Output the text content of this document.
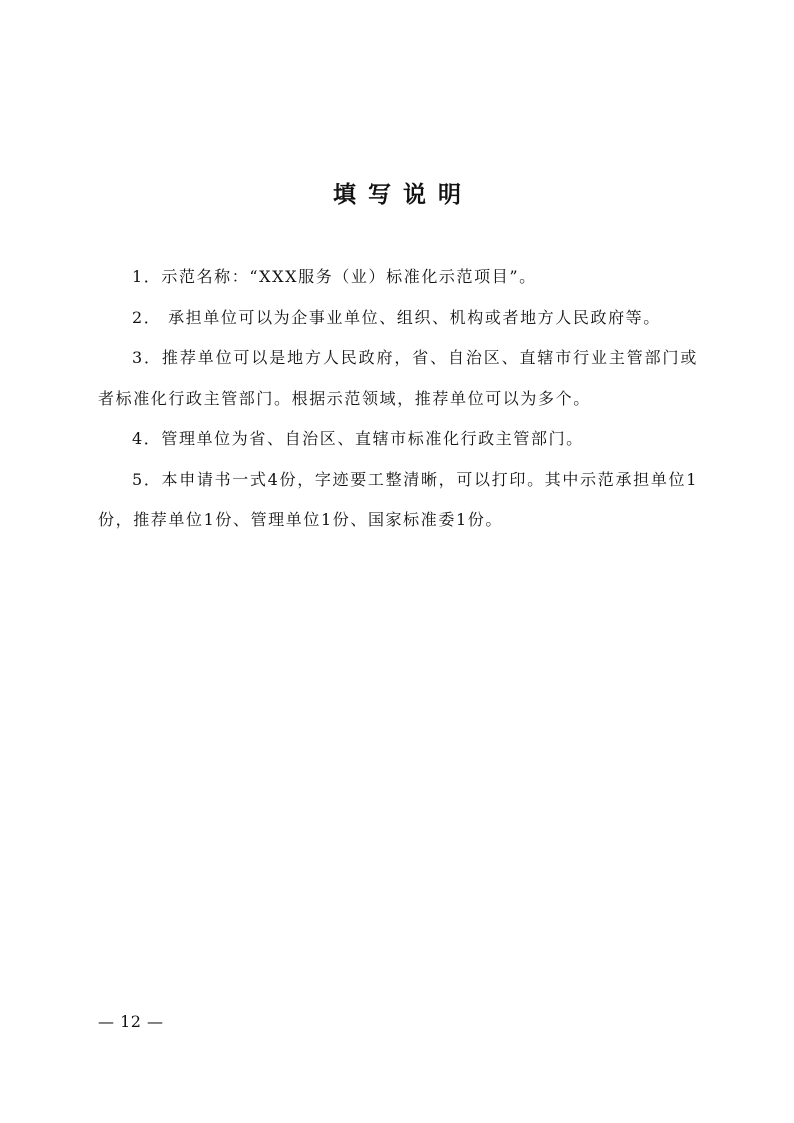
填写说明

1．示范名称：“XXX服务（业）标准化示范项目”。

2． 承担单位可以为企事业单位、组织、机构或者地方人民政府等。

3．推荐单位可以是地方人民政府，省、自治区、直辖市行业主管部门或者标准化行政主管部门。根据示范领域，推荐单位可以为多个。

4．管理单位为省、自治区、直辖市标准化行政主管部门。

5．本申请书一式4份，字迹要工整清晰，可以打印。其中示范承担单位1份，推荐单位1份、管理单位1份、国家标准委1份。

— 12 —
